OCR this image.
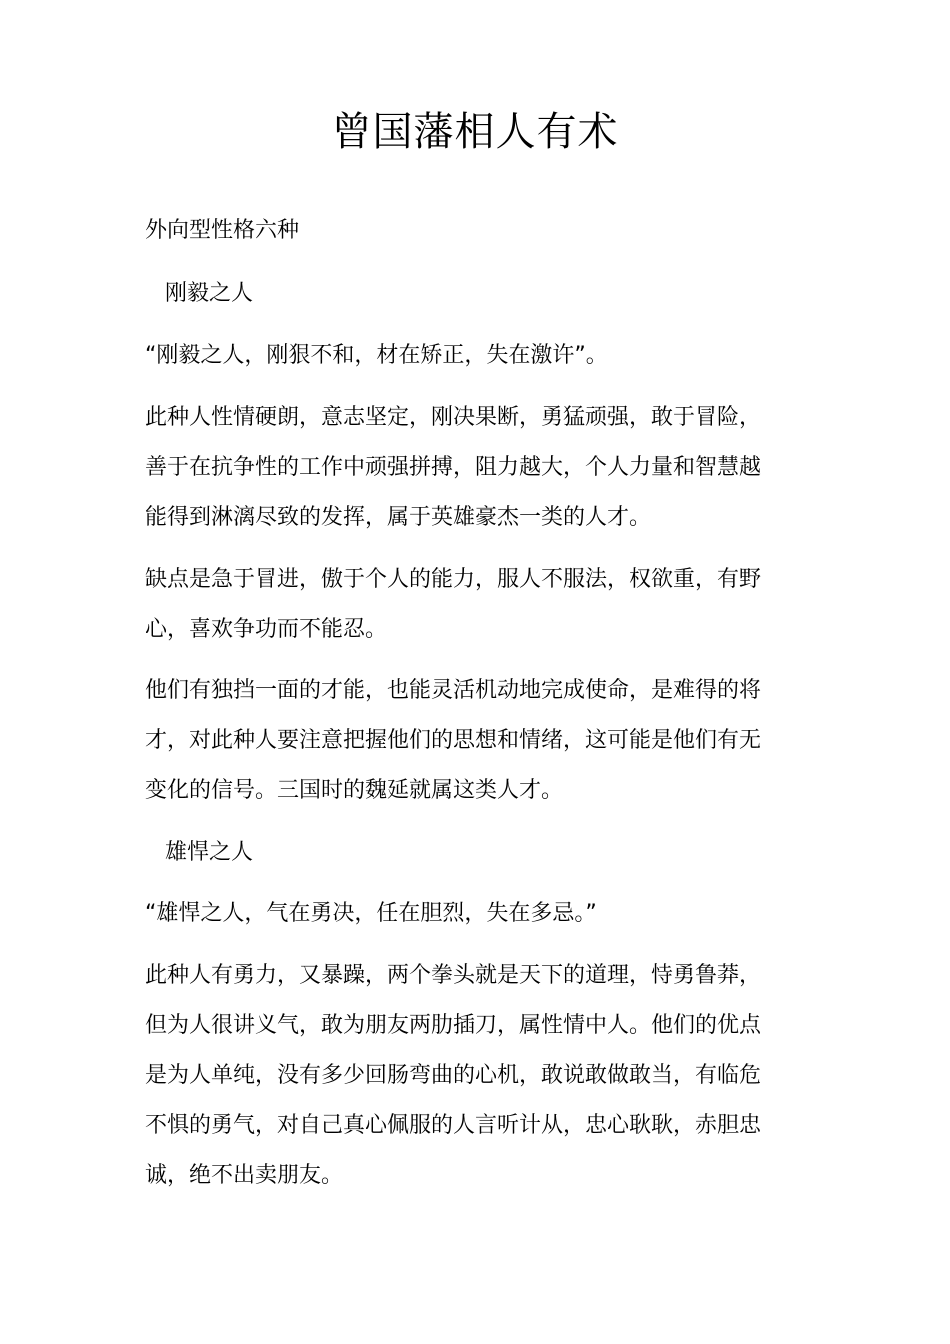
曾国藩相人有术
外向型性格六种
刚毅之人
“刚毅之人，刚狠不和，材在矫正，失在激许”。
此种人性情硬朗，意志坚定，刚决果断，勇猛顽强，敢于冒险，
善于在抗争性的工作中顽强拼搏，阻力越大，个人力量和智慧越
能得到淋漓尽致的发挥，属于英雄豪杰一类的人才。
缺点是急于冒进，傲于个人的能力，服人不服法，权欲重，有野
心，喜欢争功而不能忍。
他们有独挡一面的才能，也能灵活机动地完成使命，是难得的将
才，对此种人要注意把握他们的思想和情绪，这可能是他们有无
变化的信号。三国时的魏延就属这类人才。
雄悍之人
“雄悍之人，气在勇决，任在胆烈，失在多忌。”
此种人有勇力，又暴躁，两个拳头就是天下的道理，恃勇鲁莽，
但为人很讲义气，敢为朋友两肋插刀，属性情中人。他们的优点
是为人单纯，没有多少回肠弯曲的心机，敢说敢做敢当，有临危
不惧的勇气，对自己真心佩服的人言听计从，忠心耿耿，赤胆忠
诚，绝不出卖朋友。
